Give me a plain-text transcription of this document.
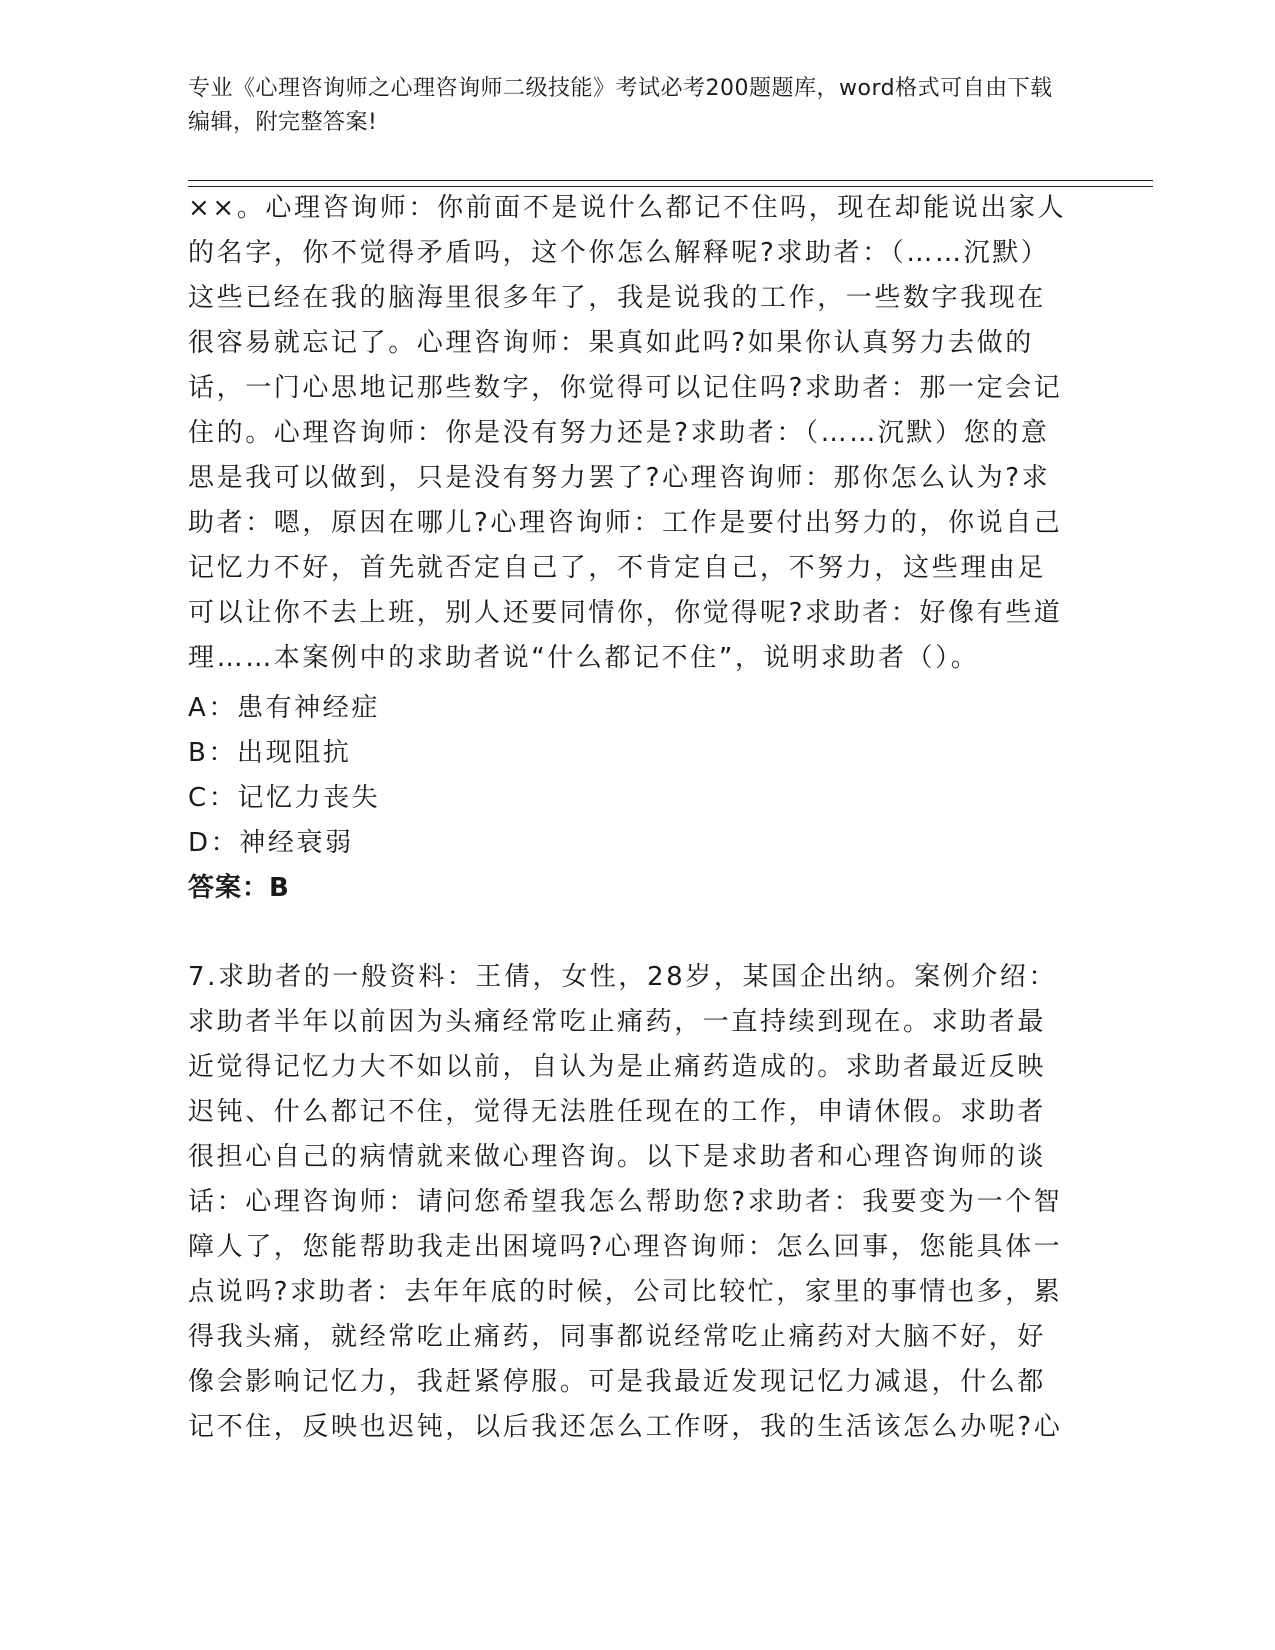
专业《心理咨询师之心理咨询师二级技能》考试必考200题题库，word格式可自由下载编辑，附完整答案!
××。心理咨询师：你前面不是说什么都记不住吗，现在却能说出家人的名字，你不觉得矛盾吗，这个你怎么解释呢?求助者：（……沉默）这些已经在我的脑海里很多年了，我是说我的工作，一些数字我现在很容易就忘记了。心理咨询师：果真如此吗?如果你认真努力去做的话，一门心思地记那些数字，你觉得可以记住吗?求助者：那一定会记住的。心理咨询师：你是没有努力还是?求助者：（……沉默）您的意思是我可以做到，只是没有努力罢了?心理咨询师：那你怎么认为?求助者：嗯，原因在哪儿?心理咨询师：工作是要付出努力的，你说自己记忆力不好，首先就否定自己了，不肯定自己，不努力，这些理由足可以让你不去上班，别人还要同情你，你觉得呢?求助者：好像有些道理……本案例中的求助者说“什么都记不住”，说明求助者（）。
A：患有神经症
B：出现阻抗
C：记忆力丧失
D：神经衰弱
答案：B
7.求助者的一般资料：王倩，女性，28岁，某国企出纳。案例介绍：求助者半年以前因为头痛经常吃止痛药，一直持续到现在。求助者最近觉得记忆力大不如以前，自认为是止痛药造成的。求助者最近反映迟钝、什么都记不住，觉得无法胜任现在的工作，申请休假。求助者很担心自己的病情就来做心理咨询。以下是求助者和心理咨询师的谈话：心理咨询师：请问您希望我怎么帮助您?求助者：我要变为一个智障人了，您能帮助我走出困境吗?心理咨询师：怎么回事，您能具体一点说吗?求助者：去年年底的时候，公司比较忙，家里的事情也多，累得我头痛，就经常吃止痛药，同事都说经常吃止痛药对大脑不好，好像会影响记忆力，我赶紧停服。可是我最近发现记忆力减退，什么都记不住，反映也迟钝，以后我还怎么工作呀，我的生活该怎么办呢?心
